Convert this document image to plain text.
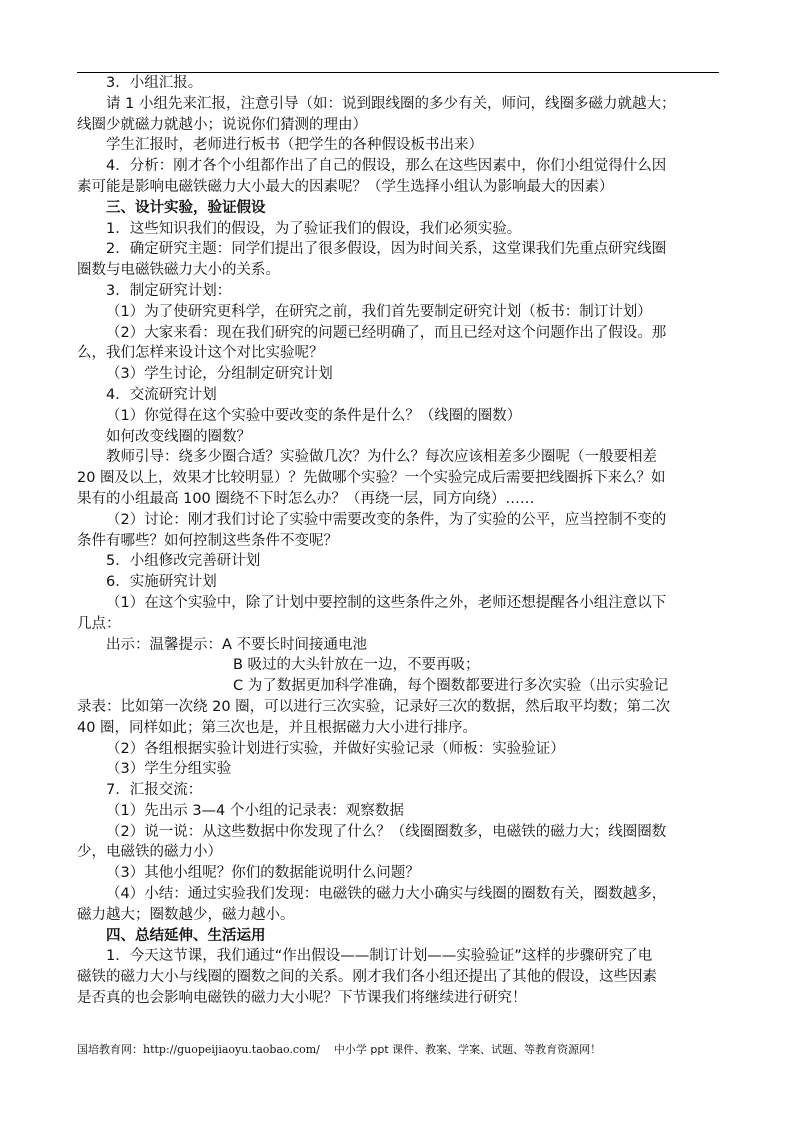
3．小组汇报。
请 1 小组先来汇报，注意引导（如：说到跟线圈的多少有关，师问，线圈多磁力就越大；
线圈少就磁力就越小；说说你们猜测的理由）
学生汇报时，老师进行板书（把学生的各种假设板书出来）
4．分析：刚才各个小组都作出了自己的假设，那么在这些因素中，你们小组觉得什么因
素可能是影响电磁铁磁力大小最大的因素呢？（学生选择小组认为影响最大的因素）
三、设计实验，验证假设
1．这些知识我们的假设，为了验证我们的假设，我们必须实验。
2．确定研究主题：同学们提出了很多假设，因为时间关系，这堂课我们先重点研究线圈
圈数与电磁铁磁力大小的关系。
3．制定研究计划：
（1）为了使研究更科学，在研究之前，我们首先要制定研究计划（板书：制订计划）
（2）大家来看：现在我们研究的问题已经明确了，而且已经对这个问题作出了假设。那
么，我们怎样来设计这个对比实验呢？
（3）学生讨论，分组制定研究计划
4．交流研究计划
（1）你觉得在这个实验中要改变的条件是什么？（线圈的圈数）
如何改变线圈的圈数？
教师引导：绕多少圈合适？实验做几次？为什么？每次应该相差多少圈呢（一般要相差
20 圈及以上，效果才比较明显）？先做哪个实验？一个实验完成后需要把线圈拆下来么？如
果有的小组最高 100 圈绕不下时怎么办？（再绕一层，同方向绕）……
（2）讨论：刚才我们讨论了实验中需要改变的条件，为了实验的公平，应当控制不变的
条件有哪些？如何控制这些条件不变呢？
5．小组修改完善研计划
6．实施研究计划
（1）在这个实验中，除了计划中要控制的这些条件之外，老师还想提醒各小组注意以下
几点：
出示：温馨提示：A 不要长时间接通电池
B 吸过的大头针放在一边，不要再吸；
C 为了数据更加科学准确，每个圈数都要进行多次实验（出示实验记
录表：比如第一次绕 20 圈，可以进行三次实验，记录好三次的数据，然后取平均数；第二次
40 圈，同样如此；第三次也是，并且根据磁力大小进行排序。
（2）各组根据实验计划进行实验，并做好实验记录（师板：实验验证）
（3）学生分组实验
7．汇报交流：
（1）先出示 3—4 个小组的记录表：观察数据
（2）说一说：从这些数据中你发现了什么？（线圈圈数多，电磁铁的磁力大；线圈圈数
少，电磁铁的磁力小）
（3）其他小组呢？你们的数据能说明什么问题？
（4）小结：通过实验我们发现：电磁铁的磁力大小确实与线圈的圈数有关，圈数越多，
磁力越大；圈数越少，磁力越小。
四、总结延伸、生活运用
1．今天这节课，我们通过“作出假设——制订计划——实验验证”这样的步骤研究了电
磁铁的磁力大小与线圈的圈数之间的关系。刚才我们各小组还提出了其他的假设，这些因素
是否真的也会影响电磁铁的磁力大小呢？下节课我们将继续进行研究！
国培教育网：http://guopeijiaoyu.taobao.com/ 中小学 ppt 课件、教案、学案、试题、等教育资源网！
